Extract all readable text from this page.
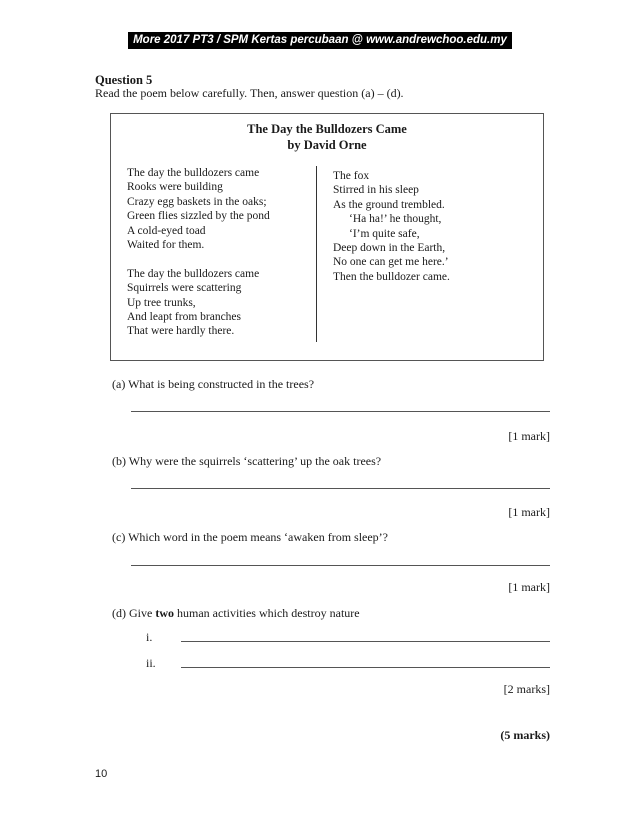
More 2017 PT3 / SPM Kertas percubaan @ www.andrewchoo.edu.my
Question 5
Read the poem below carefully. Then, answer question (a) – (d).
The Day the Bulldozers Came
by David Orne
The day the bulldozers came
Rooks were building
Crazy egg baskets in the oaks;
Green flies sizzled by the pond
A cold-eyed toad
Waited for them.
The day the bulldozers came
Squirrels were scattering
Up tree trunks,
And leapt from branches
That were hardly there.
The fox
Stirred in his sleep
As the ground trembled.
‘Ha ha!’ he thought,
‘I’m quite safe,
Deep down in the Earth,
No one can get me here.’
Then the bulldozer came.
(a) What is being constructed in the trees?
[1 mark]
(b) Why were the squirrels ‘scattering’ up the oak trees?
[1 mark]
(c) Which word in the poem means ‘awaken from sleep’?
[1 mark]
(d) Give two human activities which destroy nature
i.
ii.
[2 marks]
(5 marks)
10
